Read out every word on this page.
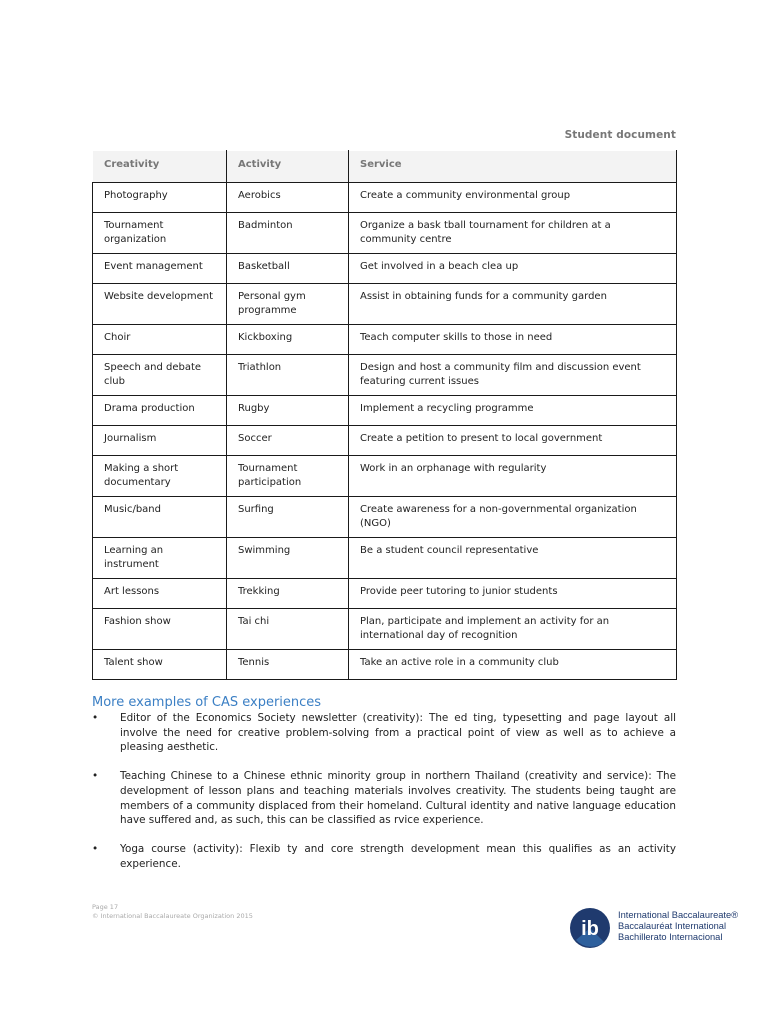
Student document
Creativity	Activity	Service
Photography	Aerobics	Create a community environmental group
Tournament organization	Badminton	Organize a bask tball tournament for children at a community centre
Event management	Basketball	Get involved in a beach clea up
Website development	Personal gym programme	Assist in obtaining funds for a community garden
Choir	Kickboxing	Teach computer skills to those in need
Speech and debate club	Triathlon	Design and host a community film and discussion event featuring current issues
Drama production	Rugby	Implement a recycling programme
Journalism	Soccer	Create a petition to present to local government
Making a short documentary	Tournament participation	Work in an orphanage with regularity
Music/band	Surfing	Create awareness for a non-governmental organization (NGO)
Learning an instrument	Swimming	Be a student council representative
Art lessons	Trekking	Provide peer tutoring to junior students
Fashion show	Tai chi	Plan, participate and implement an activity for an international day of recognition
Talent show	Tennis	Take an active role in a community club
More examples of CAS experiences
• Editor of the Economics Society newsletter (creativity): The ed ting, typesetting and page layout all involve the need for creative problem-solving from a practical point of view as well as to achieve a pleasing aesthetic.
• Teaching Chinese to a Chinese ethnic minority group in northern Thailand (creativity and service): The development of lesson plans and teaching materials involves creativity. The students being taught are members of a community displaced from their homeland. Cultural identity and native language education have suffered and, as such, this can be classified as rvice experience.
• Yoga course (activity): Flexib ty and core strength development mean this qualifies as an activity experience.
Page 17
© International Baccalaureate Organization 2015
ib
International Baccalaureate®
Baccalauréat International
Bachillerato Internacional
